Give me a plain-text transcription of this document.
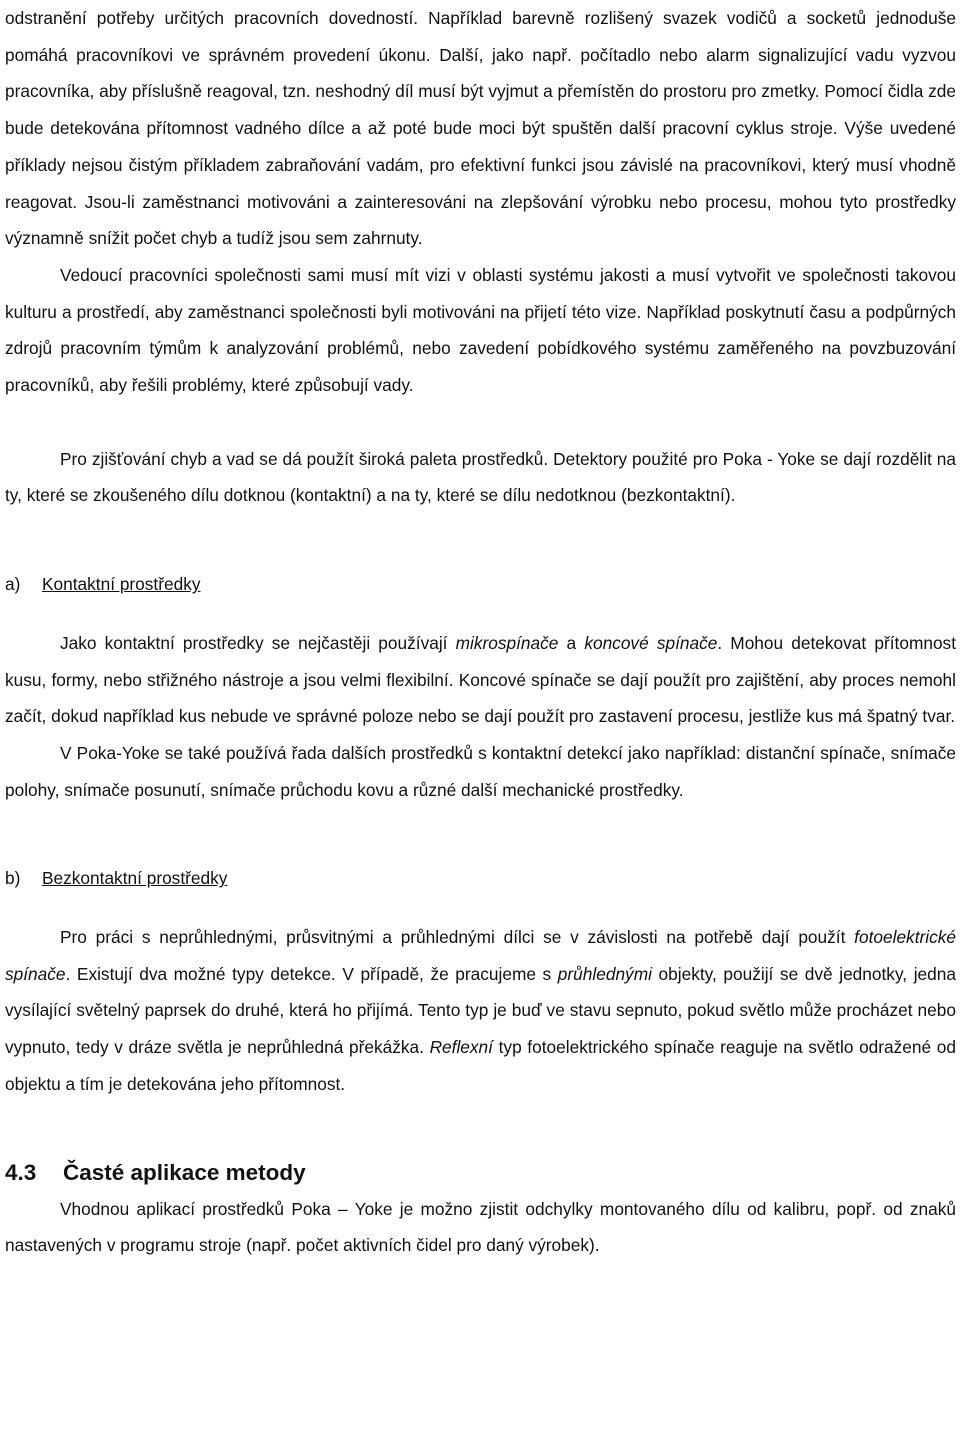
odstranění potřeby určitých pracovních dovedností. Například barevně rozlišený svazek vodičů a socketů jednoduše pomáhá pracovníkovi ve správném provedení úkonu. Další, jako např. počítadlo nebo alarm signalizující vadu vyzvou pracovníka, aby příslušně reagoval, tzn. neshodný díl musí být vyjmut a přemístěn do prostoru pro zmetky. Pomocí čidla zde bude detekována přítomnost vadného dílce a až poté bude moci být spuštěn další pracovní cyklus stroje. Výše uvedené příklady nejsou čistým příkladem zabraňování vadám, pro efektivní funkci jsou závislé na pracovníkovi, který musí vhodně reagovat. Jsou-li zaměstnanci motivováni a zainteresováni na zlepšování výrobku nebo procesu, mohou tyto prostředky významně snížit počet chyb a tudíž jsou sem zahrnuty.

Vedoucí pracovníci společnosti sami musí mít vizi v oblasti systému jakosti a musí vytvořit ve společnosti takovou kulturu a prostředí, aby zaměstnanci společnosti byli motivováni na přijetí této vize. Například poskytnutí času a podpůrných zdrojů pracovním týmům k analyzování problémů, nebo zavedení pobídkového systému zaměřeného na povzbuzování pracovníků, aby řešili problémy, které způsobují vady.

Pro zjišťování chyb a vad se dá použít široká paleta prostředků. Detektory použité pro Poka - Yoke se dají rozdělit na ty, které se zkoušeného dílu dotknou (kontaktní) a na ty, které se dílu nedotknou (bezkontaktní).

a) Kontaktní prostředky

Jako kontaktní prostředky se nejčastěji používají mikrospínače a koncové spínače. Mohou detekovat přítomnost kusu, formy, nebo střižného nástroje a jsou velmi flexibilní. Koncové spínače se dají použít pro zajištění, aby proces nemohl začít, dokud například kus nebude ve správné poloze nebo se dají použít pro zastavení procesu, jestliže kus má špatný tvar.

V Poka-Yoke se také používá řada dalších prostředků s kontaktní detekcí jako například: distanční spínače, snímače polohy, snímače posunutí, snímače průchodu kovu a různé další mechanické prostředky.

b) Bezkontaktní prostředky

Pro práci s neprůhlednými, průsvitnými a průhlednými dílci se v závislosti na potřebě dají použít fotoelektrické spínače. Existují dva možné typy detekce. V případě, že pracujeme s průhlednými objekty, použijí se dvě jednotky, jedna vysílající světelný paprsek do druhé, která ho přijímá. Tento typ je buď ve stavu sepnuto, pokud světlo může procházet nebo vypnuto, tedy v dráze světla je neprůhledná překážka. Reflexní typ fotoelektrického spínače reaguje na světlo odražené od objektu a tím je detekována jeho přítomnost.

4.3 Časté aplikace metody

Vhodnou aplikací prostředků Poka – Yoke je možno zjistit odchylky montovaného dílu od kalibru, popř. od znaků nastavených v programu stroje (např. počet aktivních čidel pro daný výrobek).
